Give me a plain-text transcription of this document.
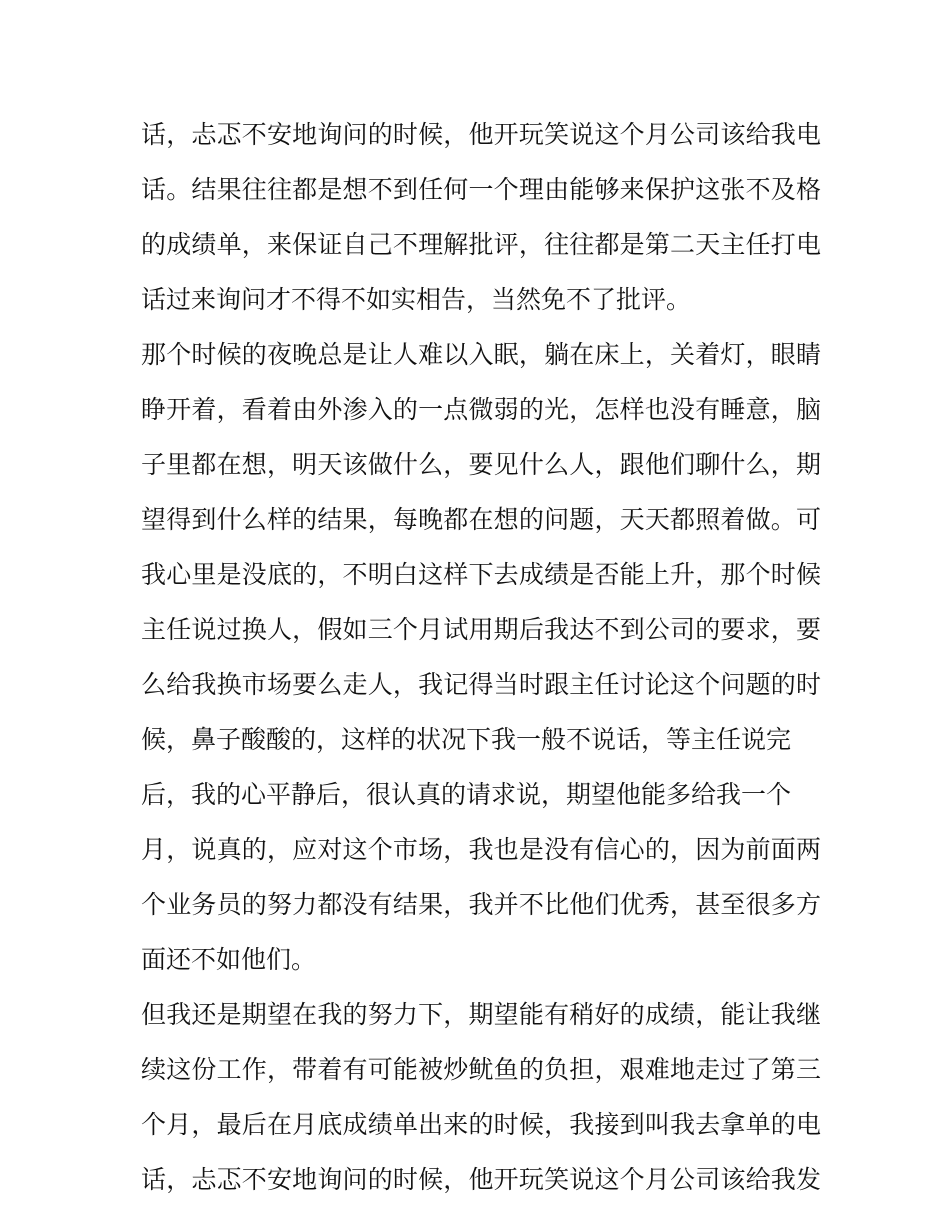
话，忐忑不安地询问的时候，他开玩笑说这个月公司该给我电
话。结果往往都是想不到任何一个理由能够来保护这张不及格
的成绩单，来保证自己不理解批评，往往都是第二天主任打电
话过来询问才不得不如实相告，当然免不了批评。
那个时候的夜晚总是让人难以入眠，躺在床上，关着灯，眼睛
睁开着，看着由外渗入的一点微弱的光，怎样也没有睡意，脑
子里都在想，明天该做什么，要见什么人，跟他们聊什么，期
望得到什么样的结果，每晚都在想的问题，天天都照着做。可
我心里是没底的，不明白这样下去成绩是否能上升，那个时候
主任说过换人，假如三个月试用期后我达不到公司的要求，要
么给我换市场要么走人，我记得当时跟主任讨论这个问题的时
候，鼻子酸酸的，这样的状况下我一般不说话，等主任说完
后，我的心平静后，很认真的请求说，期望他能多给我一个
月，说真的，应对这个市场，我也是没有信心的，因为前面两
个业务员的努力都没有结果，我并不比他们优秀，甚至很多方
面还不如他们。
但我还是期望在我的努力下，期望能有稍好的成绩，能让我继
续这份工作，带着有可能被炒鱿鱼的负担，艰难地走过了第三
个月，最后在月底成绩单出来的时候，我接到叫我去拿单的电
话，忐忑不安地询问的时候，他开玩笑说这个月公司该给我发
